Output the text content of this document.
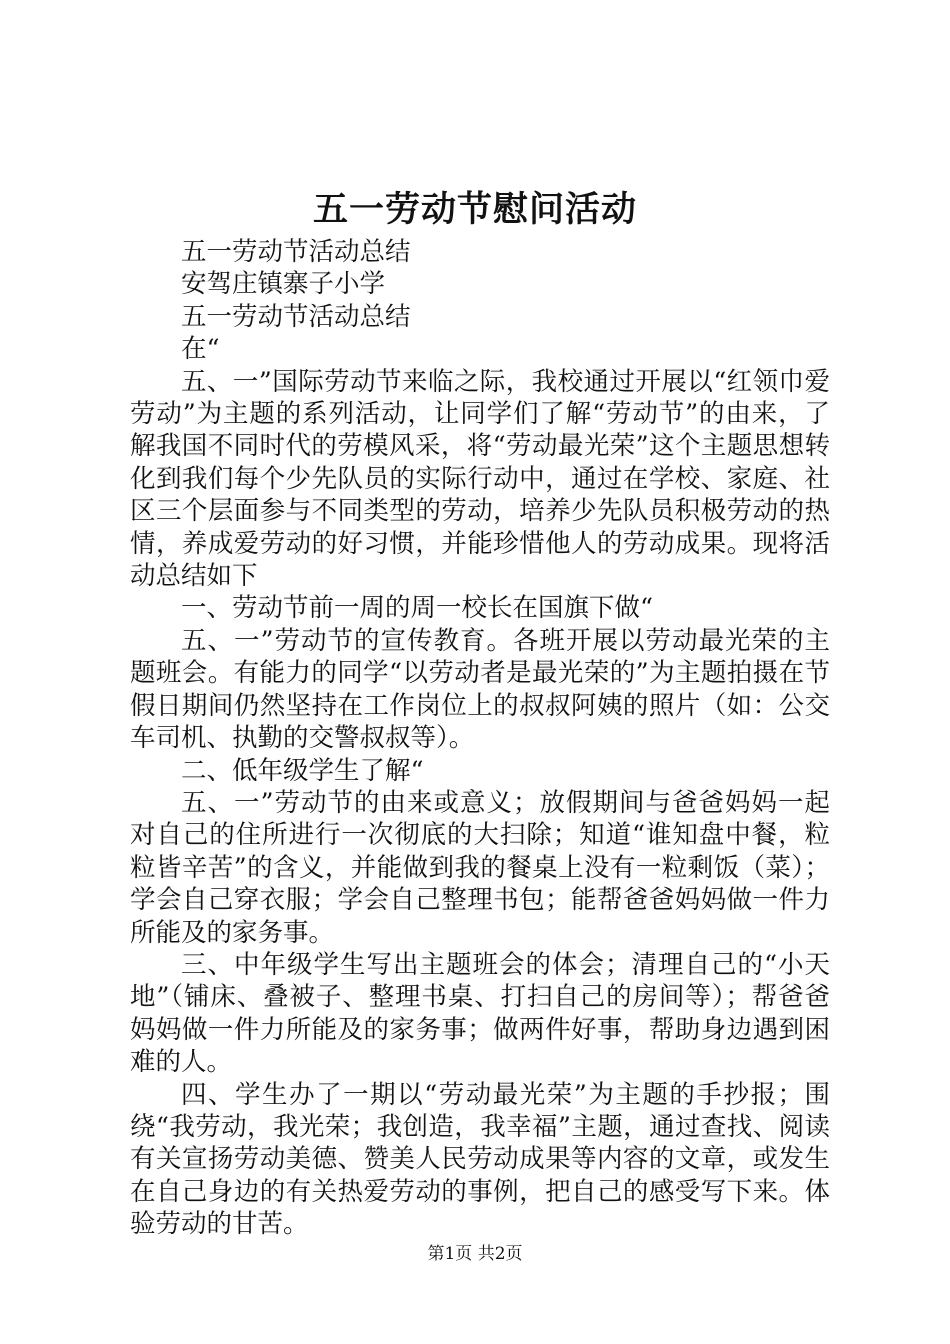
五一劳动节慰问活动

五一劳动节活动总结

安驾庄镇寨子小学

五一劳动节活动总结

在“

五、一”国际劳动节来临之际，我校通过开展以“红领巾爱劳动”为主题的系列活动，让同学们了解“劳动节”的由来，了解我国不同时代的劳模风采，将“劳动最光荣”这个主题思想转化到我们每个少先队员的实际行动中，通过在学校、家庭、社区三个层面参与不同类型的劳动，培养少先队员积极劳动的热情，养成爱劳动的好习惯，并能珍惜他人的劳动成果。现将活动总结如下

一、劳动节前一周的周一校长在国旗下做“

五、一”劳动节的宣传教育。各班开展以劳动最光荣的主题班会。有能力的同学“以劳动者是最光荣的”为主题拍摄在节假日期间仍然坚持在工作岗位上的叔叔阿姨的照片（如：公交车司机、执勤的交警叔叔等）。

二、低年级学生了解“

五、一”劳动节的由来或意义；放假期间与爸爸妈妈一起对自己的住所进行一次彻底的大扫除；知道“谁知盘中餐，粒粒皆辛苦”的含义，并能做到我的餐桌上没有一粒剩饭（菜）；学会自己穿衣服；学会自己整理书包；能帮爸爸妈妈做一件力所能及的家务事。

三、中年级学生写出主题班会的体会；清理自己的“小天地”（铺床、叠被子、整理书桌、打扫自己的房间等）；帮爸爸妈妈做一件力所能及的家务事；做两件好事，帮助身边遇到困难的人。

四、学生办了一期以“劳动最光荣”为主题的手抄报；围绕“我劳动，我光荣；我创造，我幸福”主题，通过查找、阅读有关宣扬劳动美德、赞美人民劳动成果等内容的文章，或发生在自己身边的有关热爱劳动的事例，把自己的感受写下来。体验劳动的甘苦。

第1页 共2页
